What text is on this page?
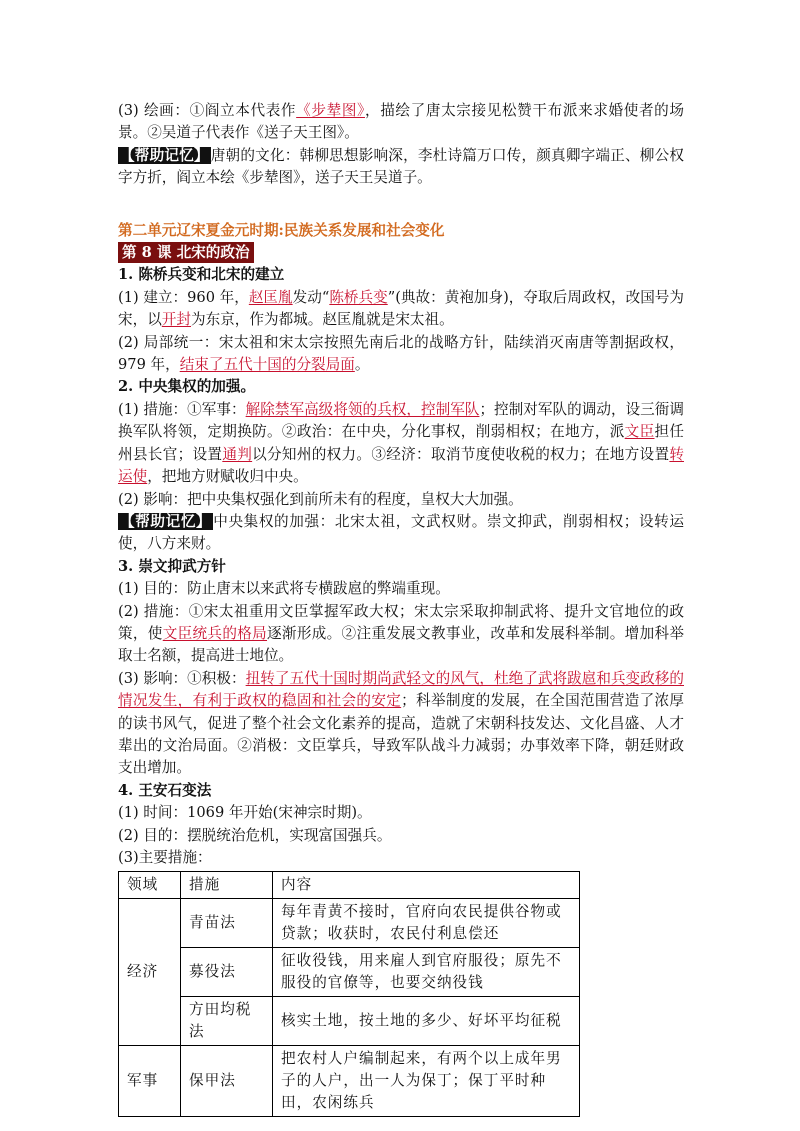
(3) 绘画：①阎立本代表作《步辇图》，描绘了唐太宗接见松赞干布派来求婚使者的场景。②吴道子代表作《送子天王图》。

【帮助记忆】 唐朝的文化：韩柳思想影响深，李杜诗篇万口传，颜真卿字端正、柳公权字方折，阎立本绘《步辇图》，送子天王吴道子。

第二单元辽宋夏金元时期:民族关系发展和社会变化

第 8 课 北宋的政治

1. 陈桥兵变和北宋的建立

(1) 建立：960 年，赵匡胤发动“陈桥兵变”(典故：黄袍加身)，夺取后周政权，改国号为宋，以开封为东京，作为都城。赵匡胤就是宋太祖。

(2) 局部统一：宋太祖和宋太宗按照先南后北的战略方针，陆续消灭南唐等割据政权，979 年，结束了五代十国的分裂局面。

2. 中央集权的加强。

(1) 措施：①军事：解除禁军高级将领的兵权，控制军队；控制对军队的调动，设三衙调换军队将领，定期换防。②政治：在中央，分化事权，削弱相权；在地方，派文臣担任州县长官；设置通判以分知州的权力。③经济：取消节度使收税的权力；在地方设置转运使，把地方财赋收归中央。

(2) 影响：把中央集权强化到前所未有的程度，皇权大大加强。

【帮助记忆】 中央集权的加强：北宋太祖，文武权财。崇文抑武，削弱相权；设转运使，八方来财。

3. 崇文抑武方针

(1) 目的：防止唐末以来武将专横跋扈的弊端重现。

(2) 措施：①宋太祖重用文臣掌握军政大权；宋太宗采取抑制武将、提升文官地位的政策，使文臣统兵的格局逐渐形成。②注重发展文教事业，改革和发展科举制。增加科举取士名额，提高进士地位。

(3) 影响：①积极：扭转了五代十国时期尚武轻文的风气，杜绝了武将跋扈和兵变政移的情况发生，有利于政权的稳固和社会的安定；科举制度的发展，在全国范围营造了浓厚的读书风气，促进了整个社会文化素养的提高，造就了宋朝科技发达、文化昌盛、人才辈出的文治局面。②消极：文臣掌兵，导致军队战斗力减弱；办事效率下降，朝廷财政支出增加。

4. 王安石变法

(1) 时间：1069 年开始(宋神宗时期)。

(2) 目的：摆脱统治危机，实现富国强兵。

(3)主要措施：

领域	措施	内容
经济	青苗法	每年青黄不接时，官府向农民提供谷物或贷款；收获时，农民付利息偿还
	募役法	征收役钱，用来雇人到官府服役；原先不服役的官僚等，也要交纳役钱
	方田均税法	核实土地，按土地的多少、好坏平均征税
军事	保甲法	把农村人户编制起来，有两个以上成年男子的人户，出一人为保丁；保丁平时种田，农闲练兵
